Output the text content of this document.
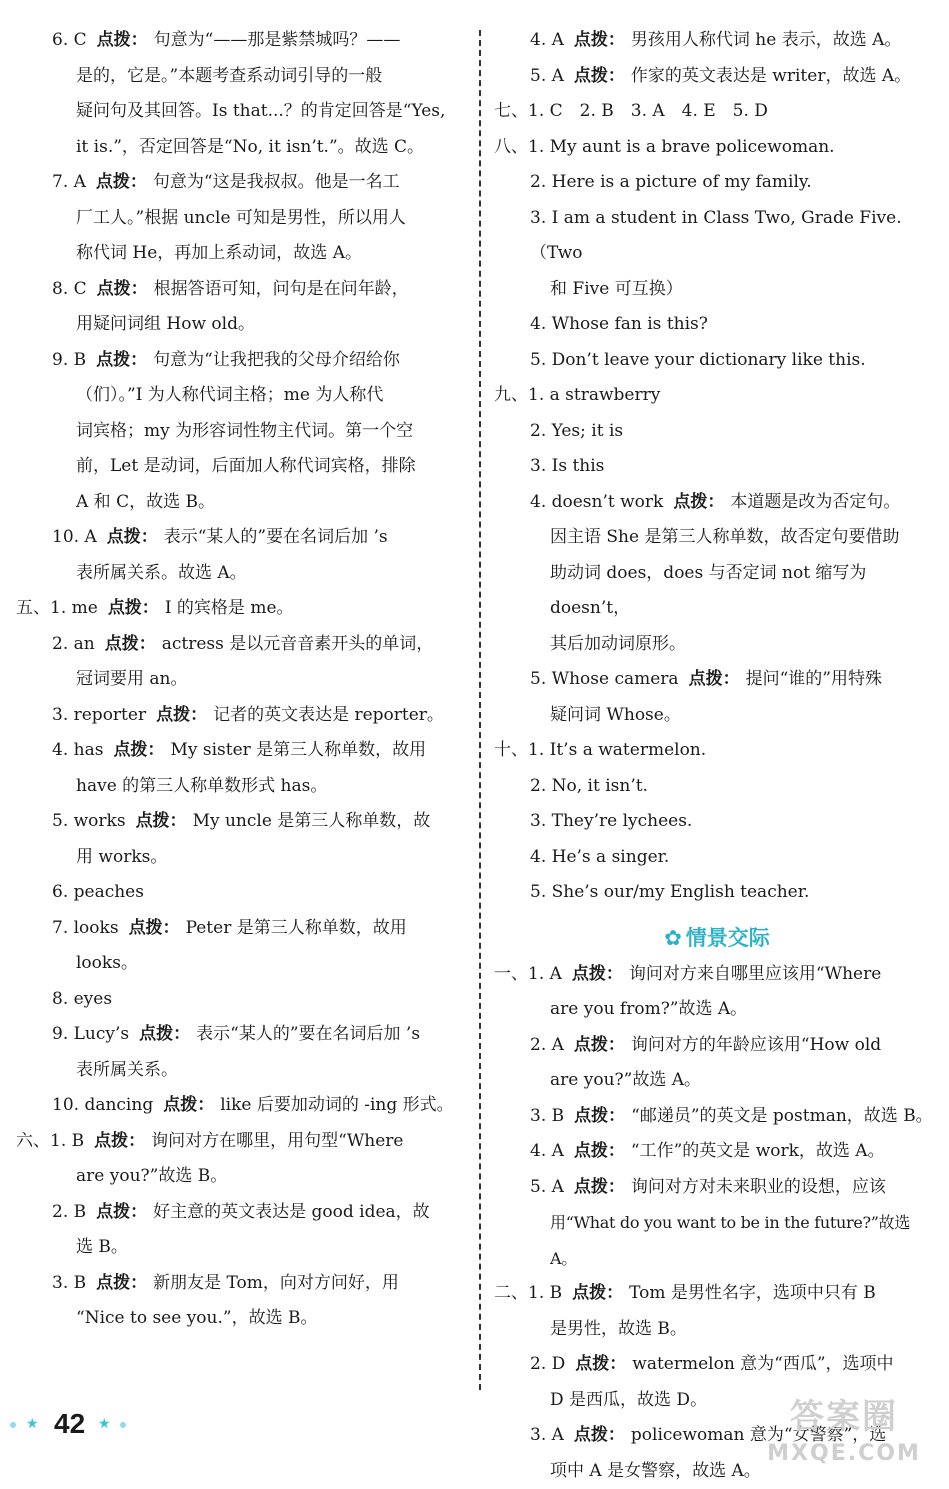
6. C 点拨： 句意为“——那是紫禁城吗？——
是的，它是。”本题考查系动词引导的一般
疑问句及其回答。Is that...？的肯定回答是“Yes,
it is.”，否定回答是“No, it isn’t.”。故选 C。
7. A 点拨： 句意为“这是我叔叔。他是一名工
厂工人。”根据 uncle 可知是男性，所以用人
称代词 He，再加上系动词，故选 A。
8. C 点拨： 根据答语可知，问句是在问年龄，
用疑问词组 How old。
9. B 点拨： 句意为“让我把我的父母介绍给你
（们）。”I 为人称代词主格；me 为人称代
词宾格；my 为形容词性物主代词。第一个空
前，Let 是动词，后面加人称代词宾格，排除
A 和 C，故选 B。
10. A 点拨： 表示“某人的”要在名词后加 ’s
表所属关系。故选 A。
五、1. me 点拨： I 的宾格是 me。
2. an 点拨： actress 是以元音音素开头的单词，
冠词要用 an。
3. reporter 点拨： 记者的英文表达是 reporter。
4. has 点拨： My sister 是第三人称单数，故用
have 的第三人称单数形式 has。
5. works 点拨： My uncle 是第三人称单数，故
用 works。
6. peaches
7. looks 点拨： Peter 是第三人称单数，故用
looks。
8. eyes
9. Lucy’s 点拨： 表示“某人的”要在名词后加 ’s
表所属关系。
10. dancing 点拨： like 后要加动词的 -ing 形式。
六、1. B 点拨： 询问对方在哪里，用句型“Where
are you?”故选 B。
2. B 点拨： 好主意的英文表达是 good idea，故
选 B。
3. B 点拨： 新朋友是 Tom，向对方问好，用
“Nice to see you.”，故选 B。
4. A 点拨： 男孩用人称代词 he 表示，故选 A。
5. A 点拨： 作家的英文表达是 writer，故选 A。
七、1. C　2. B　3. A　4. E　5. D
八、1. My aunt is a brave policewoman.
2. Here is a picture of my family.
3. I am a student in Class Two, Grade Five.（Two
和 Five 可互换）
4. Whose fan is this?
5. Don’t leave your dictionary like this.
九、1. a strawberry
2. Yes; it is
3. Is this
4. doesn’t work 点拨： 本道题是改为否定句。
因主语 She 是第三人称单数，故否定句要借助
助动词 does，does 与否定词 not 缩写为 doesn’t，
其后加动词原形。
5. Whose camera 点拨： 提问“谁的”用特殊
疑问词 Whose。
十、1. It’s a watermelon.
2. No, it isn’t.
3. They’re lychees.
4. He’s a singer.
5. She’s our/my English teacher.
✿ 情景交际
一、1. A 点拨： 询问对方来自哪里应该用“Where
are you from?”故选 A。
2. A 点拨： 询问对方的年龄应该用“How old
are you?”故选 A。
3. B 点拨： “邮递员”的英文是 postman，故选 B。
4. A 点拨： “工作”的英文是 work，故选 A。
5. A 点拨： 询问对方对未来职业的设想，应该
用“What do you want to be in the future?”故选 A。
二、1. B 点拨： Tom 是男性名字，选项中只有 B
是男性，故选 B。
2. D 点拨： watermelon 意为“西瓜”，选项中
D 是西瓜，故选 D。
3. A 点拨： policewoman 意为“女警察”，选
项中 A 是女警察，故选 A。
★ 42 ★	答案圈
MXQE.COM
